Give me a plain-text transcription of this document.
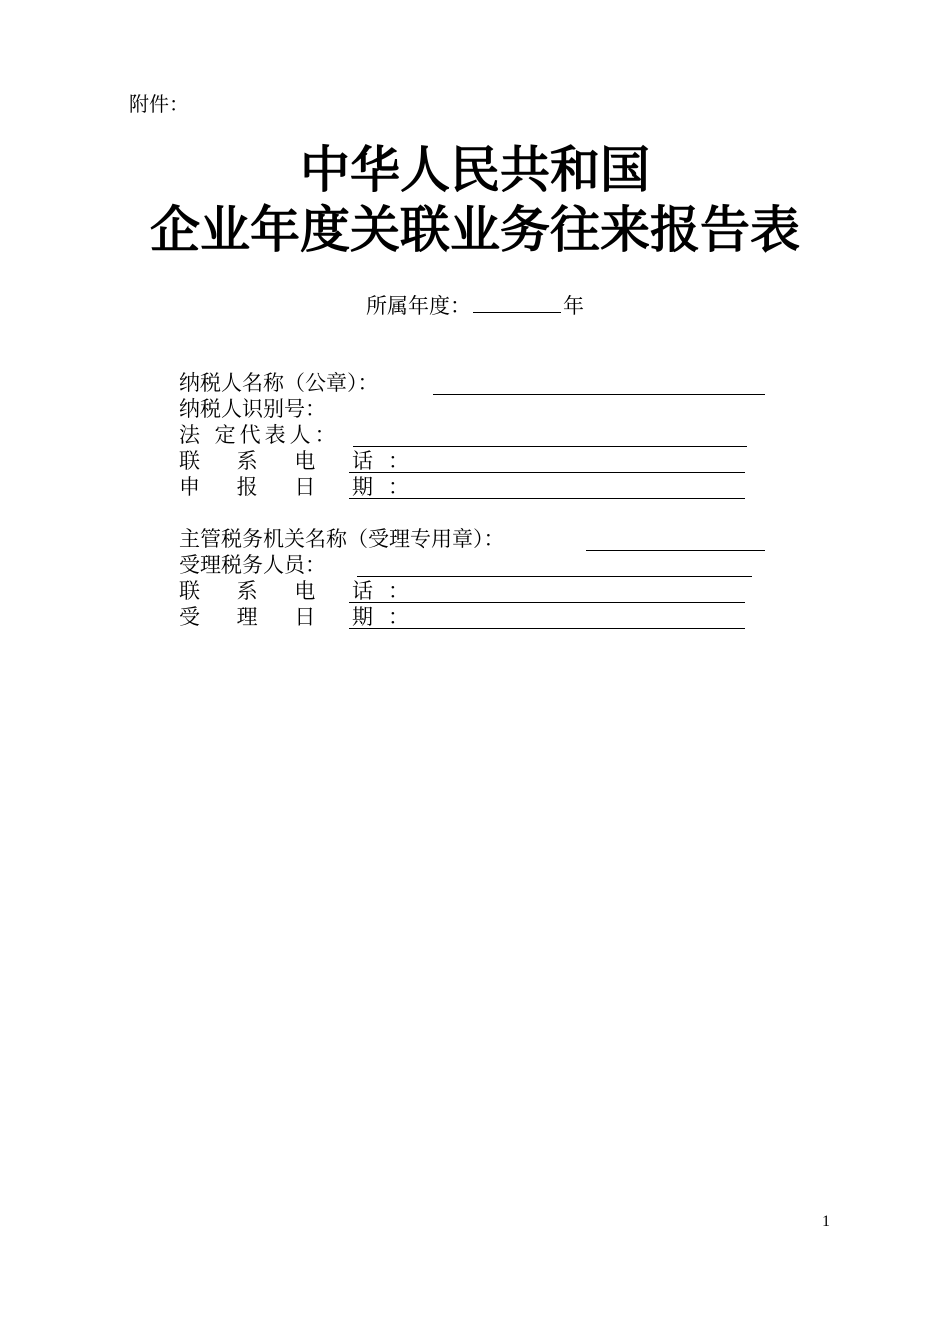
附件：
中华人民共和国
企业年度关联业务往来报告表
所属年度：	年
纳税人名称（公章）：
纳税人识别号：
法 定代表人：
联 系 电 话：
申 报 日 期：
主管税务机关名称（受理专用章）：
受理税务人员：
联 系 电 话：
受 理 日 期：
1
